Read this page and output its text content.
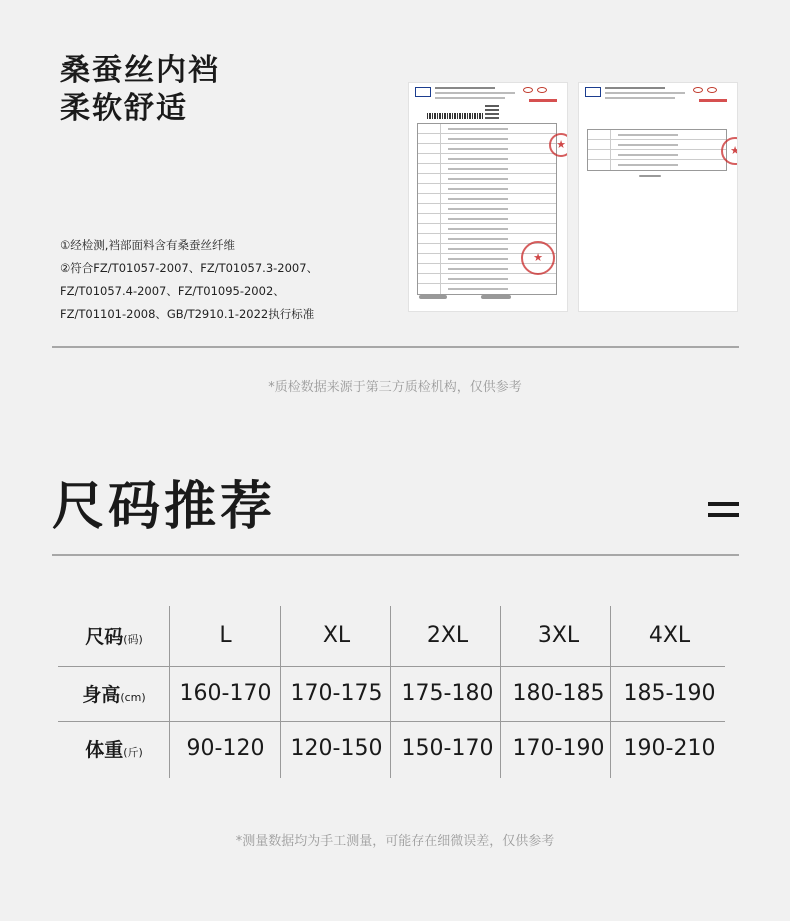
桑蚕丝内裆
柔软舒适
①经检测,裆部面料含有桑蚕丝纤维
②符合FZ/T01057-2007、FZ/T01057.3-2007、
FZ/T01057.4-2007、FZ/T01095-2002、
FZ/T01101-2008、GB/T2910.1-2022执行标准
★
★
★
*质检数据来源于第三方质检机构，仅供参考
尺码推荐
尺码(码)	L	XL	2XL	3XL	4XL
身高(cm)	160-170	170-175	175-180	180-185	185-190
体重(斤)	90-120	120-150	150-170	170-190	190-210
*测量数据均为手工测量，可能存在细微误差，仅供参考
